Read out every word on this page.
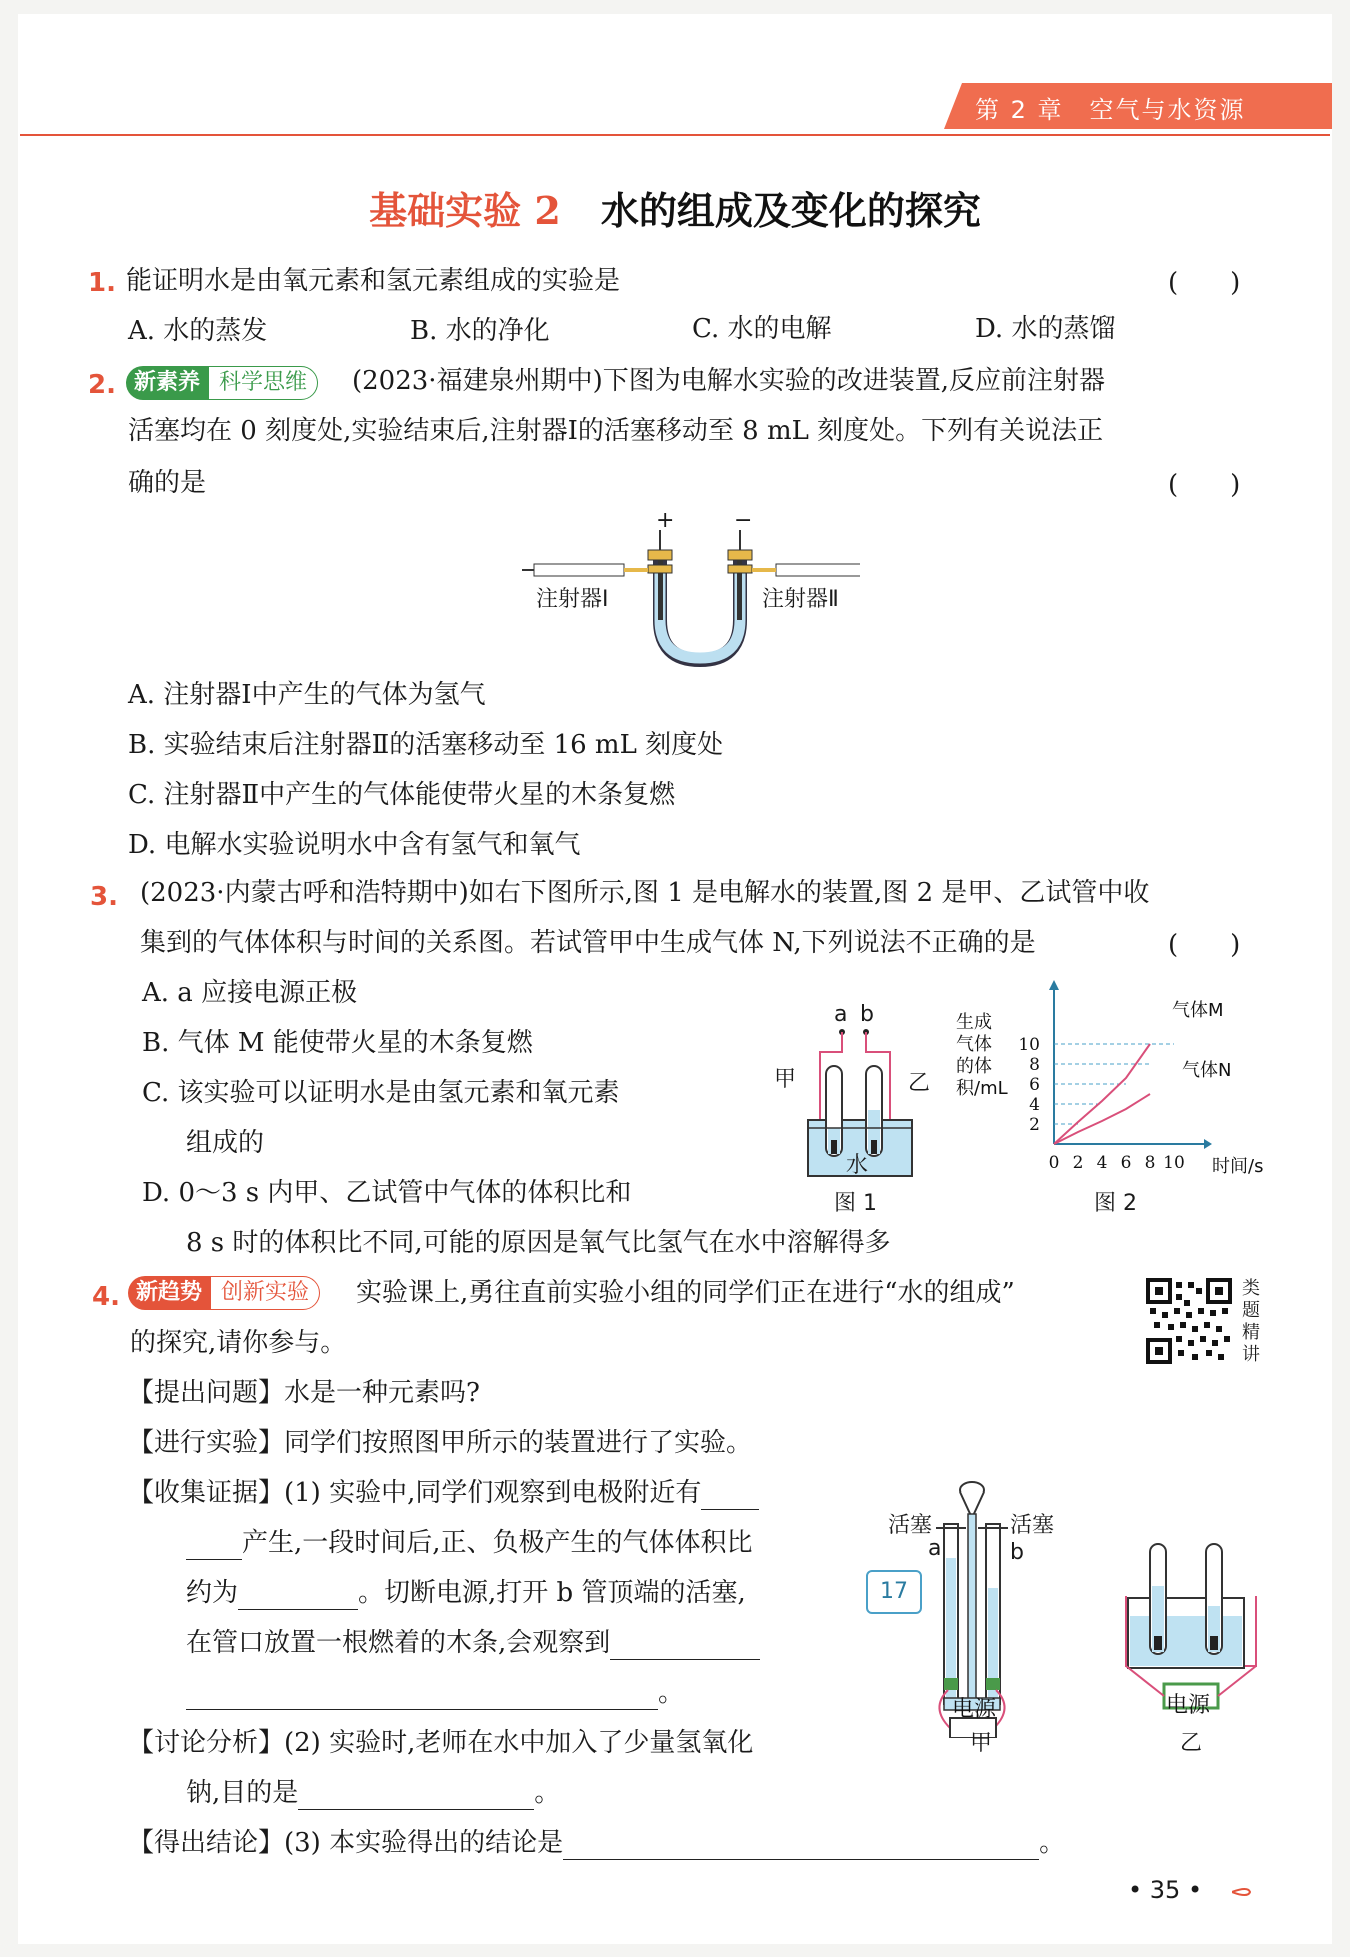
第 2 章　空气与水资源
基础实验 2 水的组成及变化的探究
1. 能证明水是由氧元素和氢元素组成的实验是	(　　)
A. 水的蒸发	B. 水的净化	C. 水的电解	D. 水的蒸馏
2. 新素养 科学思维	(2023·福建泉州期中)下图为电解水实验的改进装置,反应前注射器
活塞均在 0 刻度处,实验结束后,注射器Ⅰ的活塞移动至 8 mL 刻度处。下列有关说法正
确的是	(　　)
+	−
注射器Ⅰ	注射器Ⅱ
A. 注射器Ⅰ中产生的气体为氢气
B. 实验结束后注射器Ⅱ的活塞移动至 16 mL 刻度处
C. 注射器Ⅱ中产生的气体能使带火星的木条复燃
D. 电解水实验说明水中含有氢气和氧气
3. (2023·内蒙古呼和浩特期中)如右下图所示,图 1 是电解水的装置,图 2 是甲、乙试管中收
集到的气体体积与时间的关系图。若试管甲中生成气体 N,下列说法不正确的是	(　　)
A. a 应接电源正极
B. 气体 M 能使带火星的木条复燃
C. 该实验可以证明水是由氢元素和氧元素
组成的
D. 0～3 s 内甲、乙试管中气体的体积比和
8 s 时的体积比不同,可能的原因是氧气比氢气在水中溶解得多
a b
甲	乙
水
图 1
2
4
6
8
10
0 2 4 6 8 10
生成
气体
的体
积/mL
时间/s
气体M
气体N
图 2
4. 新趋势 创新实验	实验课上,勇往直前实验小组的同学们正在进行“水的组成”
的探究,请你参与。
类题精讲
【提出问题】水是一种元素吗?
【进行实验】同学们按照图甲所示的装置进行了实验。
【收集证据】(1) 实验中,同学们观察到电极附近有
产生,一段时间后,正、负极产生的气体体积比
约为	。切断电源,打开 b 管顶端的活塞,
在管口放置一根燃着的木条,会观察到
。
【讨论分析】(2) 实验时,老师在水中加入了少量氢氧化
钠,目的是	。
【得出结论】(3) 本实验得出的结论是	。
活塞	活塞
a	b
17
电源
甲
电源
乙
• 35 •
